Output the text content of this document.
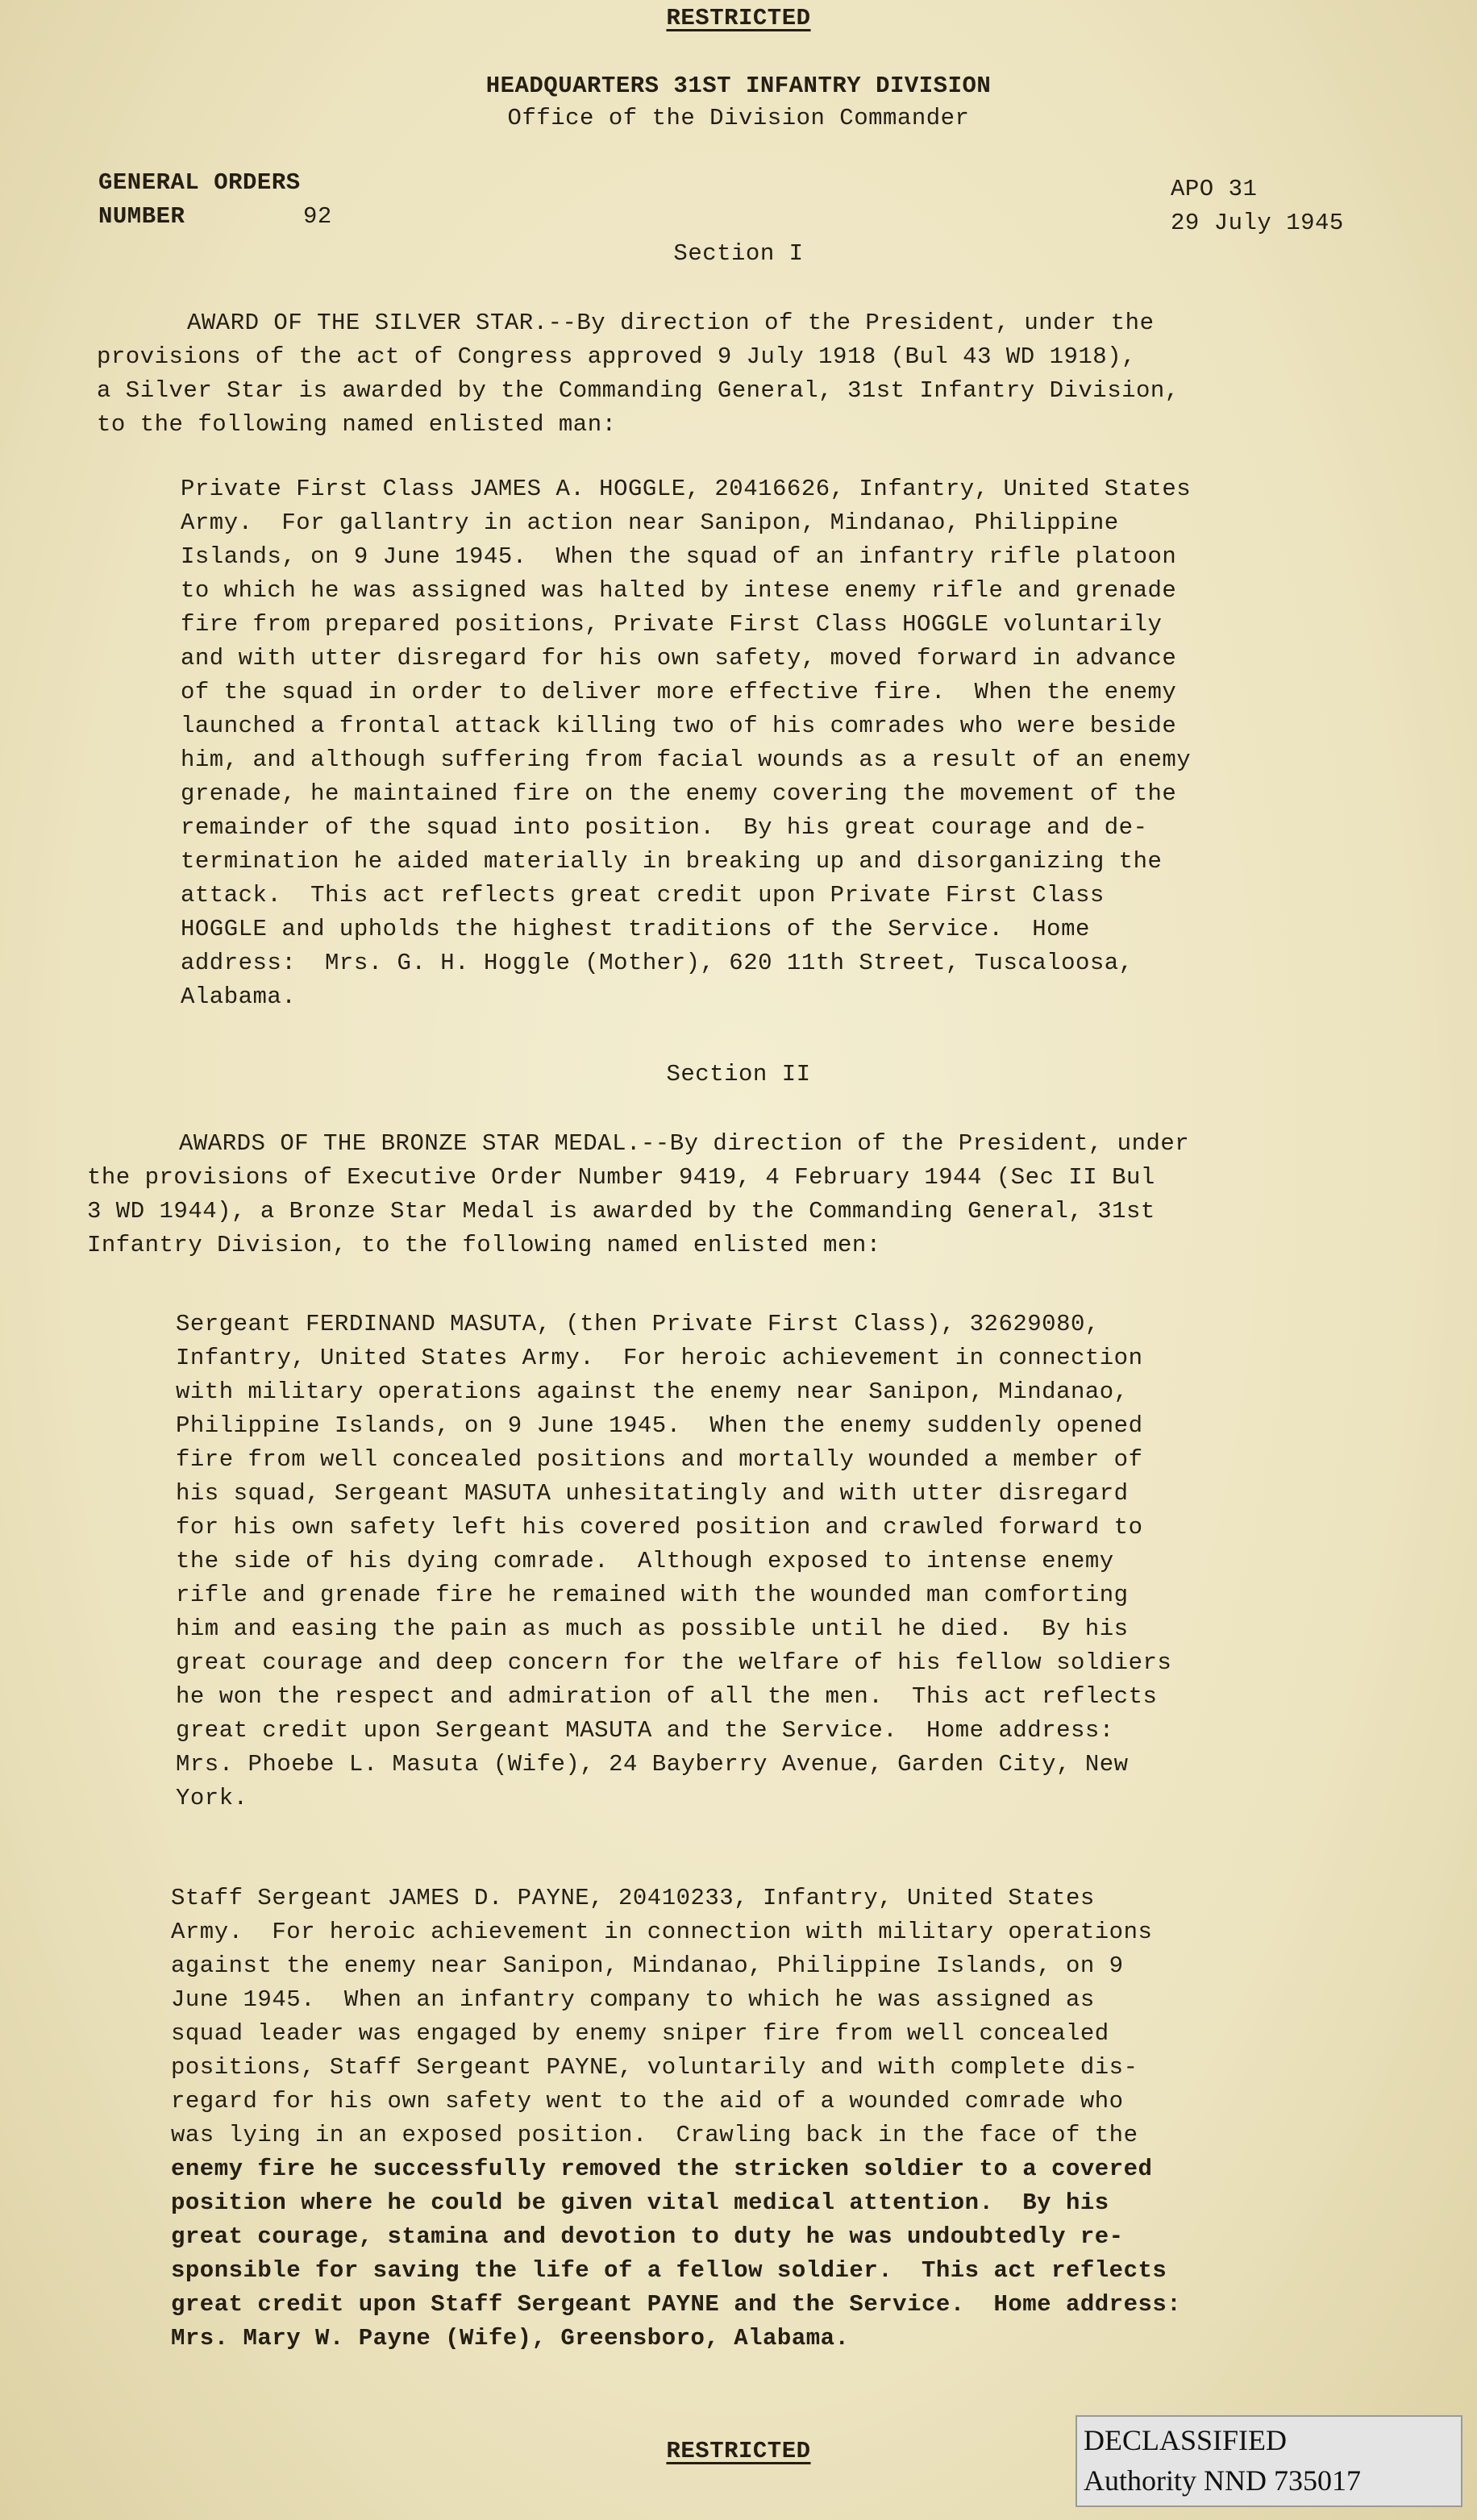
RESTRICTED
HEADQUARTERS 31ST INFANTRY DIVISION
Office of the Division Commander
GENERAL ORDERS
NUMBER	92
APO 31
29 July 1945
Section I
AWARD OF THE SILVER STAR.--By direction of the President, under the
provisions of the act of Congress approved 9 July 1918 (Bul 43 WD 1918),
a Silver Star is awarded by the Commanding General, 31st Infantry Division,
to the following named enlisted man:
Private First Class JAMES A. HOGGLE, 20416626, Infantry, United States
Army.  For gallantry in action near Sanipon, Mindanao, Philippine
Islands, on 9 June 1945.  When the squad of an infantry rifle platoon
to which he was assigned was halted by intese enemy rifle and grenade
fire from prepared positions, Private First Class HOGGLE voluntarily
and with utter disregard for his own safety, moved forward in advance
of the squad in order to deliver more effective fire.  When the enemy
launched a frontal attack killing two of his comrades who were beside
him, and although suffering from facial wounds as a result of an enemy
grenade, he maintained fire on the enemy covering the movement of the
remainder of the squad into position.  By his great courage and de-
termination he aided materially in breaking up and disorganizing the
attack.  This act reflects great credit upon Private First Class
HOGGLE and upholds the highest traditions of the Service.  Home
address:  Mrs. G. H. Hoggle (Mother), 620 11th Street, Tuscaloosa,
Alabama.
Section II
AWARDS OF THE BRONZE STAR MEDAL.--By direction of the President, under
the provisions of Executive Order Number 9419, 4 February 1944 (Sec II Bul
3 WD 1944), a Bronze Star Medal is awarded by the Commanding General, 31st
Infantry Division, to the following named enlisted men:
Sergeant FERDINAND MASUTA, (then Private First Class), 32629080,
Infantry, United States Army.  For heroic achievement in connection
with military operations against the enemy near Sanipon, Mindanao,
Philippine Islands, on 9 June 1945.  When the enemy suddenly opened
fire from well concealed positions and mortally wounded a member of
his squad, Sergeant MASUTA unhesitatingly and with utter disregard
for his own safety left his covered position and crawled forward to
the side of his dying comrade.  Although exposed to intense enemy
rifle and grenade fire he remained with the wounded man comforting
him and easing the pain as much as possible until he died.  By his
great courage and deep concern for the welfare of his fellow soldiers
he won the respect and admiration of all the men.  This act reflects
great credit upon Sergeant MASUTA and the Service.  Home address:
Mrs. Phoebe L. Masuta (Wife), 24 Bayberry Avenue, Garden City, New
York.
Staff Sergeant JAMES D. PAYNE, 20410233, Infantry, United States
Army.  For heroic achievement in connection with military operations
against the enemy near Sanipon, Mindanao, Philippine Islands, on 9
June 1945.  When an infantry company to which he was assigned as
squad leader was engaged by enemy sniper fire from well concealed
positions, Staff Sergeant PAYNE, voluntarily and with complete dis-
regard for his own safety went to the aid of a wounded comrade who
was lying in an exposed position.  Crawling back in the face of the
enemy fire he successfully removed the stricken soldier to a covered
position where he could be given vital medical attention.  By his
great courage, stamina and devotion to duty he was undoubtedly re-
sponsible for saving the life of a fellow soldier.  This act reflects
great credit upon Staff Sergeant PAYNE and the Service.  Home address:
Mrs. Mary W. Payne (Wife), Greensboro, Alabama.
RESTRICTED	DECLASSIFIED
Authority NND 735017
